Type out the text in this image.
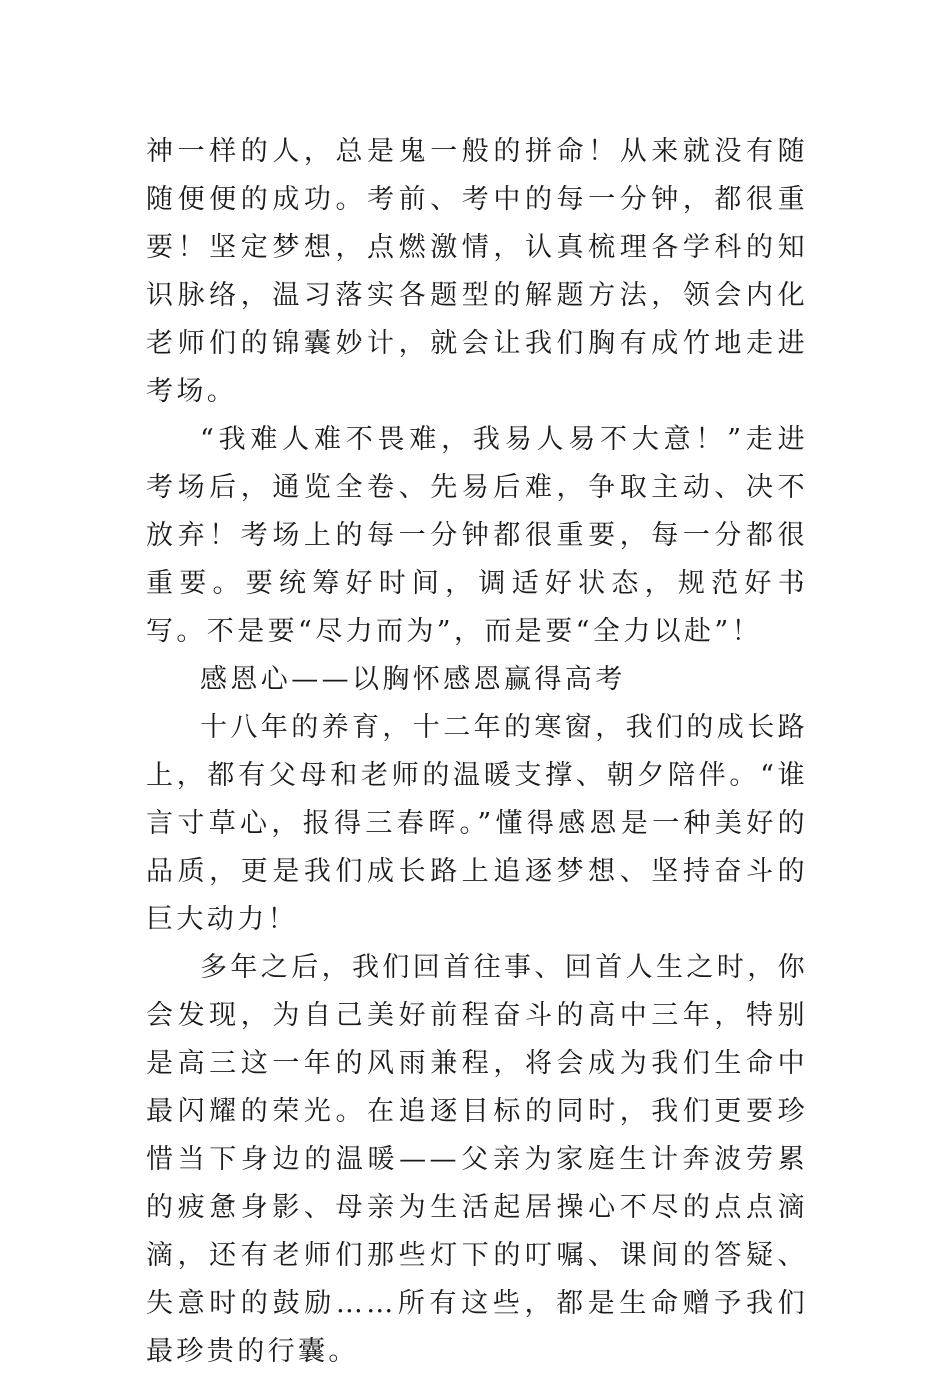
神一样的人，总是鬼一般的拼命！从来就没有随随便便的成功。考前、考中的每一分钟，都很重要！坚定梦想，点燃激情，认真梳理各学科的知识脉络，温习落实各题型的解题方法，领会内化老师们的锦囊妙计，就会让我们胸有成竹地走进考场。

“我难人难不畏难，我易人易不大意！”走进考场后，通览全卷、先易后难，争取主动、决不放弃！考场上的每一分钟都很重要，每一分都很重要。要统筹好时间，调适好状态，规范好书写。不是要“尽力而为”，而是要“全力以赴”！

感恩心——以胸怀感恩赢得高考

十八年的养育，十二年的寒窗，我们的成长路上，都有父母和老师的温暖支撑、朝夕陪伴。“谁言寸草心，报得三春晖。”懂得感恩是一种美好的品质，更是我们成长路上追逐梦想、坚持奋斗的巨大动力！

多年之后，我们回首往事、回首人生之时，你会发现，为自己美好前程奋斗的高中三年，特别是高三这一年的风雨兼程，将会成为我们生命中最闪耀的荣光。在追逐目标的同时，我们更要珍惜当下身边的温暖——父亲为家庭生计奔波劳累的疲惫身影、母亲为生活起居操心不尽的点点滴滴，还有老师们那些灯下的叮嘱、课间的答疑、失意时的鼓励……所有这些，都是生命赠予我们最珍贵的行囊。
